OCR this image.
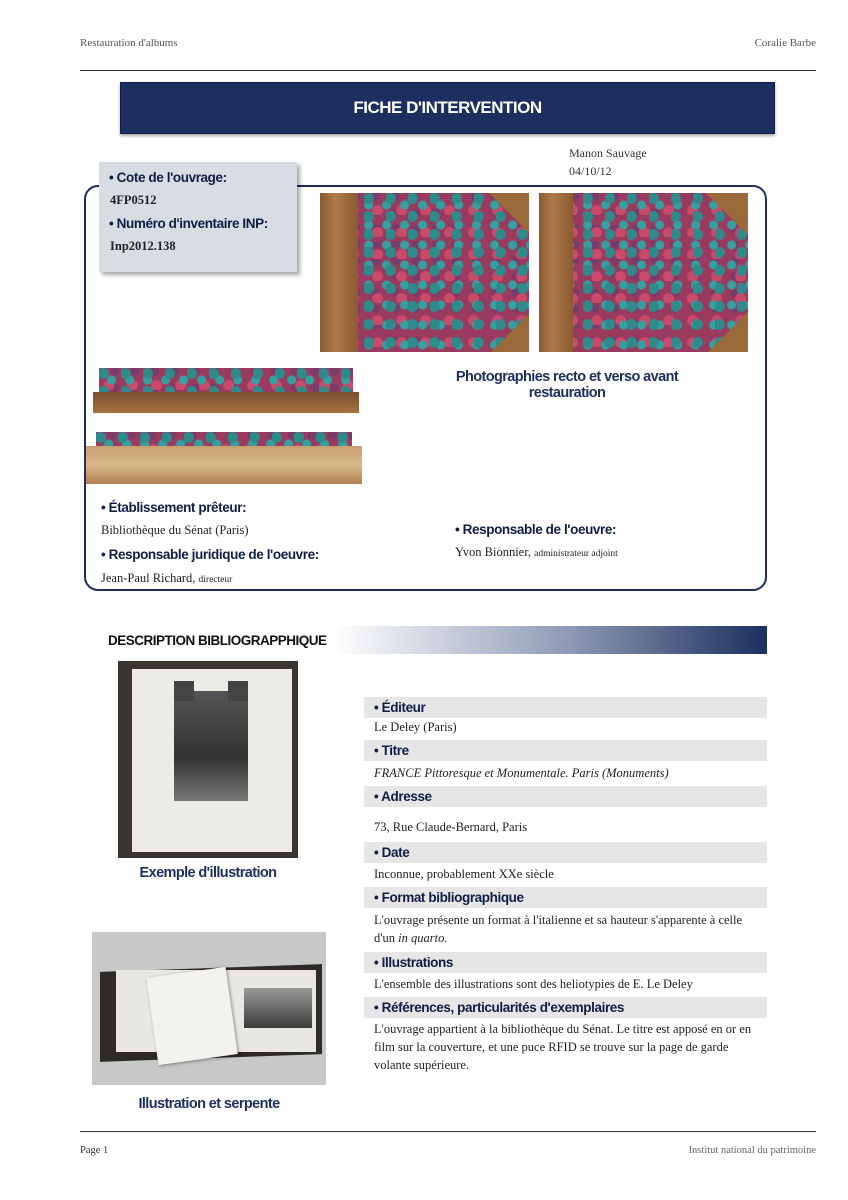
Restauration d'albums	Coralie Barbe
FICHE D'INTERVENTION
Manon Sauvage
04/10/12
• Cote de l'ouvrage:
4FP0512
• Numéro d'inventaire INP:
Inp2012.138
Photographies recto et verso avant restauration
• Établissement prêteur:
Bibliothèque du Sénat (Paris)
• Responsable juridique de l'oeuvre:
Jean-Paul Richard, directeur
• Responsable de l'oeuvre:
Yvon Bionnier, administrateur adjoint
DESCRIPTION BIBLIOGRAPPHIQUE
Exemple d'illustration
Illustration et serpente
• Éditeur
Le Deley (Paris)
• Titre
FRANCE Pittoresque et Monumentale. Paris (Monuments)
• Adresse
73, Rue Claude-Bernard, Paris
• Date
Inconnue, probablement XXe siècle
• Format bibliographique
L'ouvrage présente un format à l'italienne et sa hauteur s'apparente à celle d'un in quarto.
• Illustrations
L'ensemble des illustrations sont des heliotypies de E. Le Deley
• Références, particularités d'exemplaires
L'ouvrage appartient à la bibliothèque du Sénat. Le titre est apposé en or en film sur la couverture, et une puce RFID se trouve sur la page de garde volante supérieure.
Page 1	Institut national du patrimoine
